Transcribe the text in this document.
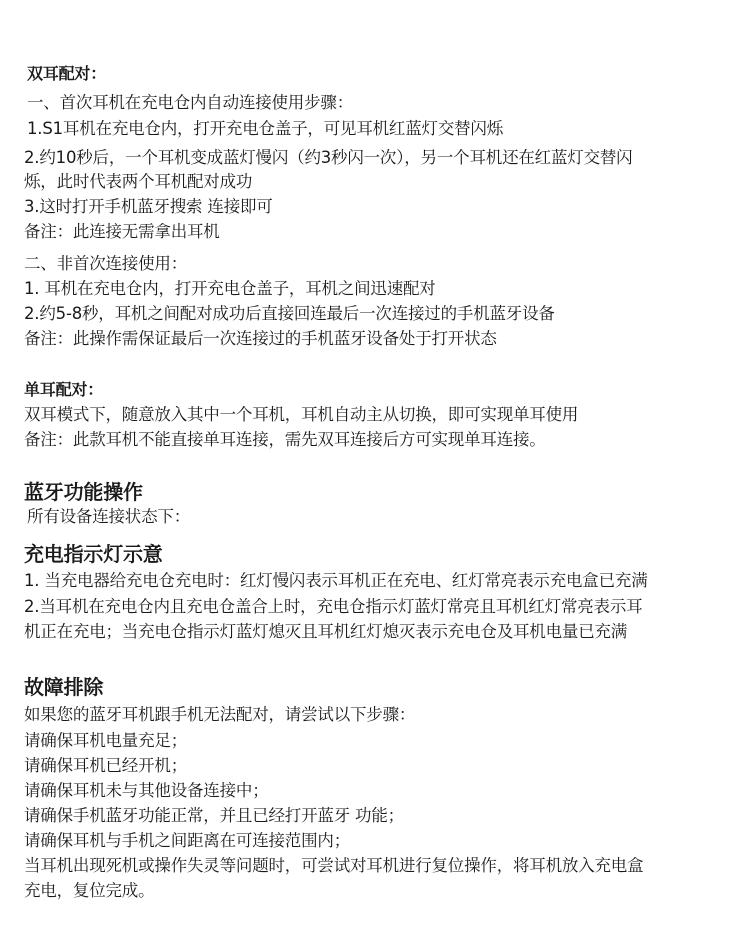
双耳配对：
一、首次耳机在充电仓内自动连接使用步骤：
1.S1耳机在充电仓内，打开充电仓盖子，可见耳机红蓝灯交替闪烁
2.约10秒后，一个耳机变成蓝灯慢闪（约3秒闪一次），另一个耳机还在红蓝灯交替闪
烁，此时代表两个耳机配对成功
3.这时打开手机蓝牙搜索 连接即可
备注：此连接无需拿出耳机
二、非首次连接使用：
1. 耳机在充电仓内，打开充电仓盖子，耳机之间迅速配对
2.约5-8秒，耳机之间配对成功后直接回连最后一次连接过的手机蓝牙设备
备注：此操作需保证最后一次连接过的手机蓝牙设备处于打开状态
单耳配对：
双耳模式下，随意放入其中一个耳机，耳机自动主从切换，即可实现单耳使用
备注：此款耳机不能直接单耳连接，需先双耳连接后方可实现单耳连接。
蓝牙功能操作
所有设备连接状态下：
充电指示灯示意
1. 当充电器给充电仓充电时：红灯慢闪表示耳机正在充电、红灯常亮表示充电盒已充满
2.当耳机在充电仓内且充电仓盖合上时，充电仓指示灯蓝灯常亮且耳机红灯常亮表示耳
机正在充电；当充电仓指示灯蓝灯熄灭且耳机红灯熄灭表示充电仓及耳机电量已充满
故障排除
如果您的蓝牙耳机跟手机无法配对，请尝试以下步骤：
请确保耳机电量充足；
请确保耳机已经开机；
请确保耳机未与其他设备连接中；
请确保手机蓝牙功能正常，并且已经打开蓝牙 功能；
请确保耳机与手机之间距离在可连接范围内；
当耳机出现死机或操作失灵等问题时，可尝试对耳机进行复位操作，将耳机放入充电盒
充电，复位完成。
